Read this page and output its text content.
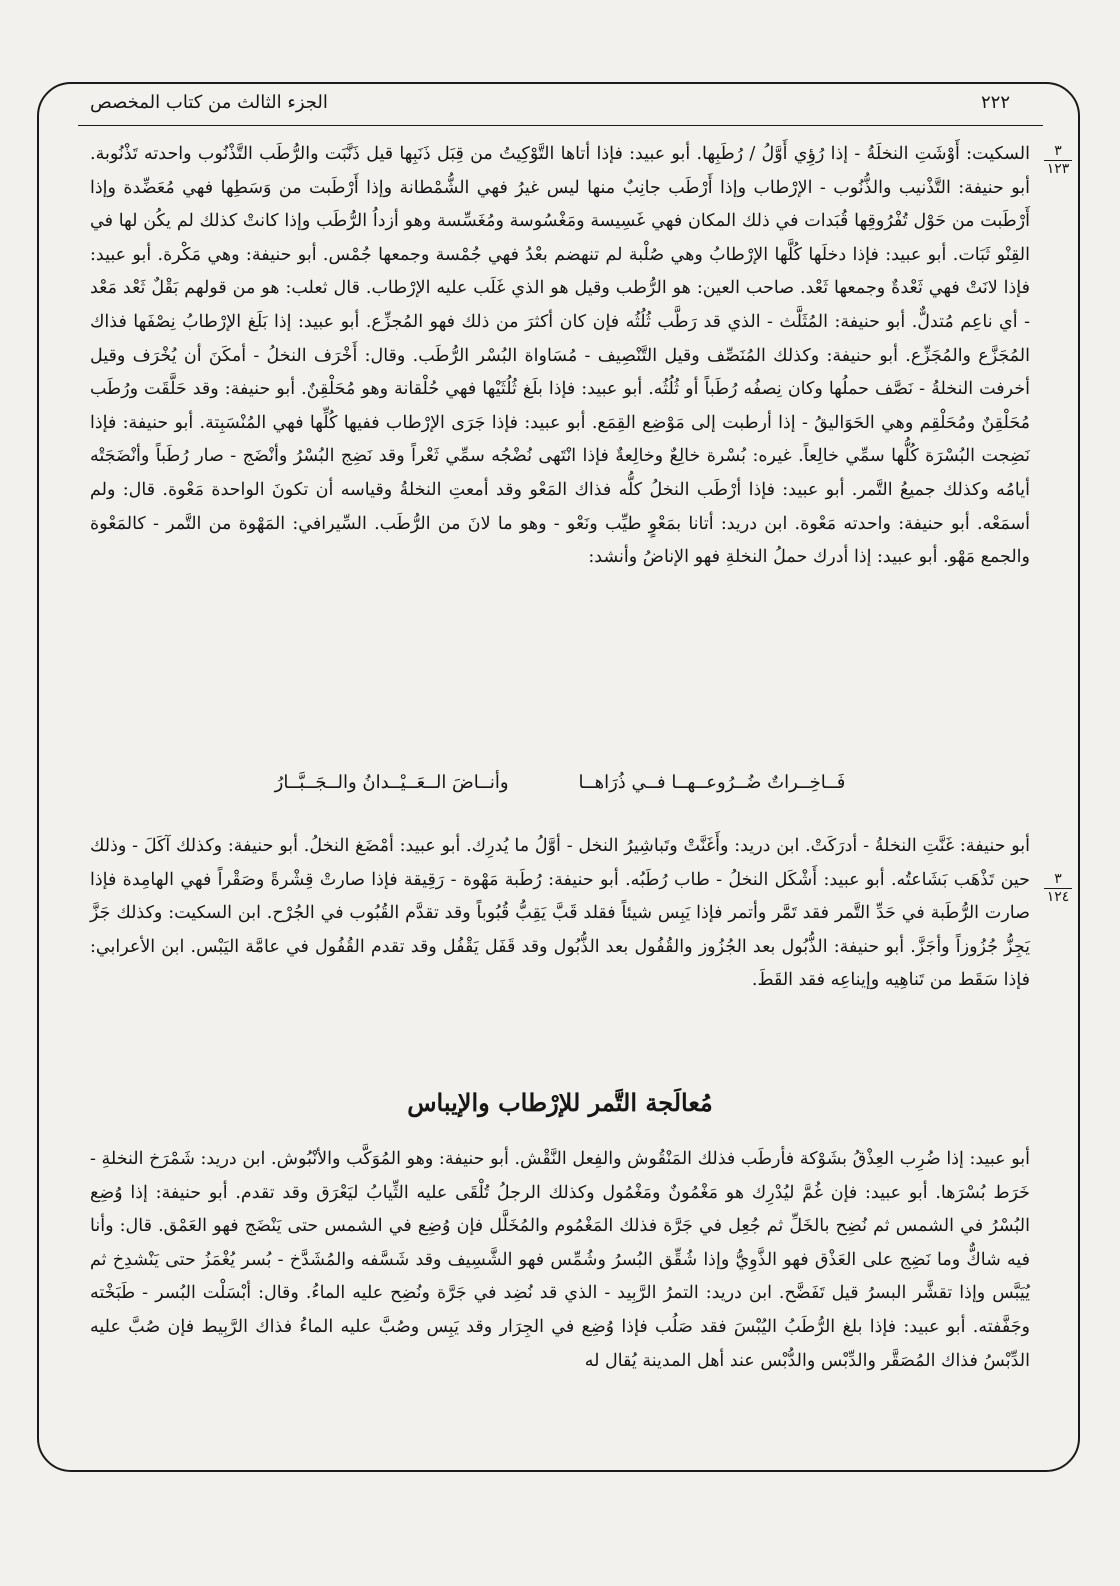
الجزء الثالث من كتاب المخصص	٢٢٢
٣
١٢٣
٣
١٢٤

السكيت: أَوْشَتِ النخلَةُ - إذا رُؤِي أَوَّلُ / رُطَبِها. أبو عبيد: فإذا أتاها التَّوْكِيتُ من قِبَل ذَنَبِها قيل ذَنَّبَت والرُّطَب التَّذْنُوب واحدته تَذْنُوبة. أبو حنيفة: التَّذْنيب والذُّنُوب - الإرْطاب وإذا أَرْطَب جانِبٌ منها ليس غيرُ فهي الشُّمْطانة وإذا أَرْطَبت من وَسَطِها فهي مُعَضِّدة وإذا أَرْطَبت من حَوْل تُفْرُوقِها قُبَدات في ذلك المكان فهي غَسِيسة ومَغْسُوسة ومُغَسِّسة وهو أزداُ الرُّطَب وإذا كانتْ كذلك لم يكُن لها في القِنْو ثَبَات. أبو عبيد: فإذا دخلَها كُلَّها الإرْطابُ وهي صُلْبة لم تنهضم بعْدُ فهي جُمْسة وجمعها جُمْس. أبو حنيفة: وهي مَكْرة. أبو عبيد: فإذا لانَتْ فهي ثَعْدةٌ وجمعها ثَعْد. صاحب العين: هو الرُّطب وقيل هو الذي غَلَب عليه الإرْطاب. قال ثعلب: هو من قولهم بَقْلٌ ثَعْد مَعْد - أي ناعِم مُتدلٌّ. أبو حنيفة: المُثَلَّث - الذي قد رَطَّب ثُلُثُه فإن كان أكثرَ من ذلك فهو المُجزِّع. أبو عبيد: إذا بَلَغ الإرْطابُ نِصْفَها فذاك المُجَزَّع والمُجَزِّع. أبو حنيفة: وكذلك المُنَصِّف وقيل التَّنْصِيف - مُسَاواة البُسْر الرُّطَب. وقال: أَخْرَف النخلُ - أمكَنَ أن يُخْرَف وقيل أخرفت النخلةُ - نَصَّف حملُها وكان نِصفُه رُطَباً أو ثُلُثُه. أبو عبيد: فإذا بلَغ ثُلُثَيْها فهي حُلْقانة وهو مُحَلْقِنٌ. أبو حنيفة: وقد حَلَّقَت ورُطَب مُحَلْقِنٌ ومُحَلْقِم وهي الحَوَاليقُ - إذا أرطبت إلى مَوْضِع القِمَع. أبو عبيد: فإذا جَرَى الإرْطاب ففيها كُلِّها فهي المُنْسَبِتة. أبو حنيفة: فإذا نَضِجت البُسْرَة كُلُّها سمِّي خالِعاً. غيره: بُسْرة خالِعٌ وخالِعةٌ فإذا انْتَهى نُضْجُه سمِّي ثَعْراً وقد نَضِج البُسْرُ وأنْضَج - صار رُطَباً وأنْضَجَتْه أيامُه وكذلك جميعُ التَّمر. أبو عبيد: فإذا أرْطَب النخلُ كلُّه فذاك المَعْو وقد أمعتِ النخلةُ وقياسه أن تكونَ الواحدة مَعْوة. قال: ولم أسمَعْه. أبو حنيفة: واحدته مَعْوة. ابن دريد: أتانا بمَعْوٍ طيِّب ونَعْو - وهو ما لانَ من الرُّطَب. السِّيرافي: المَهْوة من التَّمر - كالمَعْوة والجمع مَهْو. أبو عبيد: إذا أدرك حملُ النخلةِ فهو الإناضُ وأنشد:

فَــاخِــراتٌ ضُــرُوعــهــا فــي ذُرَاهــا
وأنــاضَ الــعَــيْــدانُ والــجَــبَّــارُ

أبو حنيفة: غَنَّتِ النخلةُ - أدرَكَتْ. ابن دريد: وأَغَنَّتْ وتَباشِيرُ النخل - أوَّلُ ما يُدرِك. أبو عبيد: أمْضَغ النخلُ. أبو حنيفة: وكذلك آكَلَ - وذلك حين تَذْهَب بَشَاعتُه. أبو عبيد: أَشْكَل النخلُ - طاب رُطَبُه. أبو حنيفة: رُطَبة مَهْوة - رَقِيقة فإذا صارتْ قِشْرةً وصَقْراً فهي الهامِدة فإذا صارت الرُّطَبة في حَدِّ التَّمر فقد تَمَّر وأتمر فإذا يَبِس شيئاً فقلد قَبَّ يَقِبُّ قُبُوباً وقد تقدَّم القُبُوب في الجُرْح. ابن السكيت: وكذلك جَزَّ يَجِزُّ جُزُوزاً وأجَزَّ. أبو حنيفة: الذُّبُول بعد الجُزُوز والقُفُول بعد الذُّبُول وقد قَفَل يَقْفُل وقد تقدم القُفُول في عامَّة اليَبْس. ابن الأعرابي: فإذا سَقَط من تَناهِيه وإيناعِه فقد القَطَ.

مُعالَجة التَّمر للإرْطاب والإيباس

أبو عبيد: إذا ضُرِب العِذْقُ بشَوْكة فأرطَب فذلك المَنْقُوش والفِعل النَّقْش. أبو حنيفة: وهو المُوَكَّب والأنْبُوش. ابن دريد: شَمْرَخ النخلةِ - خَرَط بُسْرَها. أبو عبيد: فإن غُمَّ ليُدْرِك هو مَغْمُونٌ ومَغْمُول وكذلك الرجلُ تُلْقَى عليه الثِّيابُ ليَعْرَق وقد تقدم. أبو حنيفة: إذا وُضِع البُسْرُ في الشمس ثم نُضِح بالخَلِّ ثم جُعِل في جَرَّة فذلك المَغْمُوم والمُخَلَّل فإن وُضِع في الشمس حتى يَنْضَج فهو العَمْق. قال: وأنا فيه شاكٌّ وما نَضِج على العَذْق فهو الذَّوِيُّ وإذا شُقِّق البُسرُ وشُمِّس فهو الشَّسِيف وقد شَسَّفه والمُشَدَّخ - بُسر يُغْمَزُ حتى يَنْشدِخ ثم يُيَبَّس وإذا تقشَّر البسرُ قيل تَفَضَّح. ابن دريد: التمرُ الرَّبِيد - الذي قد نُضِد في جَرَّة ونُضِح عليه الماءُ. وقال: أبْسَلْت البُسر - طَبَخْته وجَفَّفته. أبو عبيد: فإذا بلغ الرُّطَبُ اليُبْسَ فقد صَلُب فإذا وُضِع في الجِرَار وقد يَبِس وصُبَّ عليه الماءُ فذاك الرَّبِيط فإن صُبَّ عليه الدِّبْسُ فذاك المُصَقَّر والدِّبْس والدُّبْس عند أهل المدينة يُقال له
